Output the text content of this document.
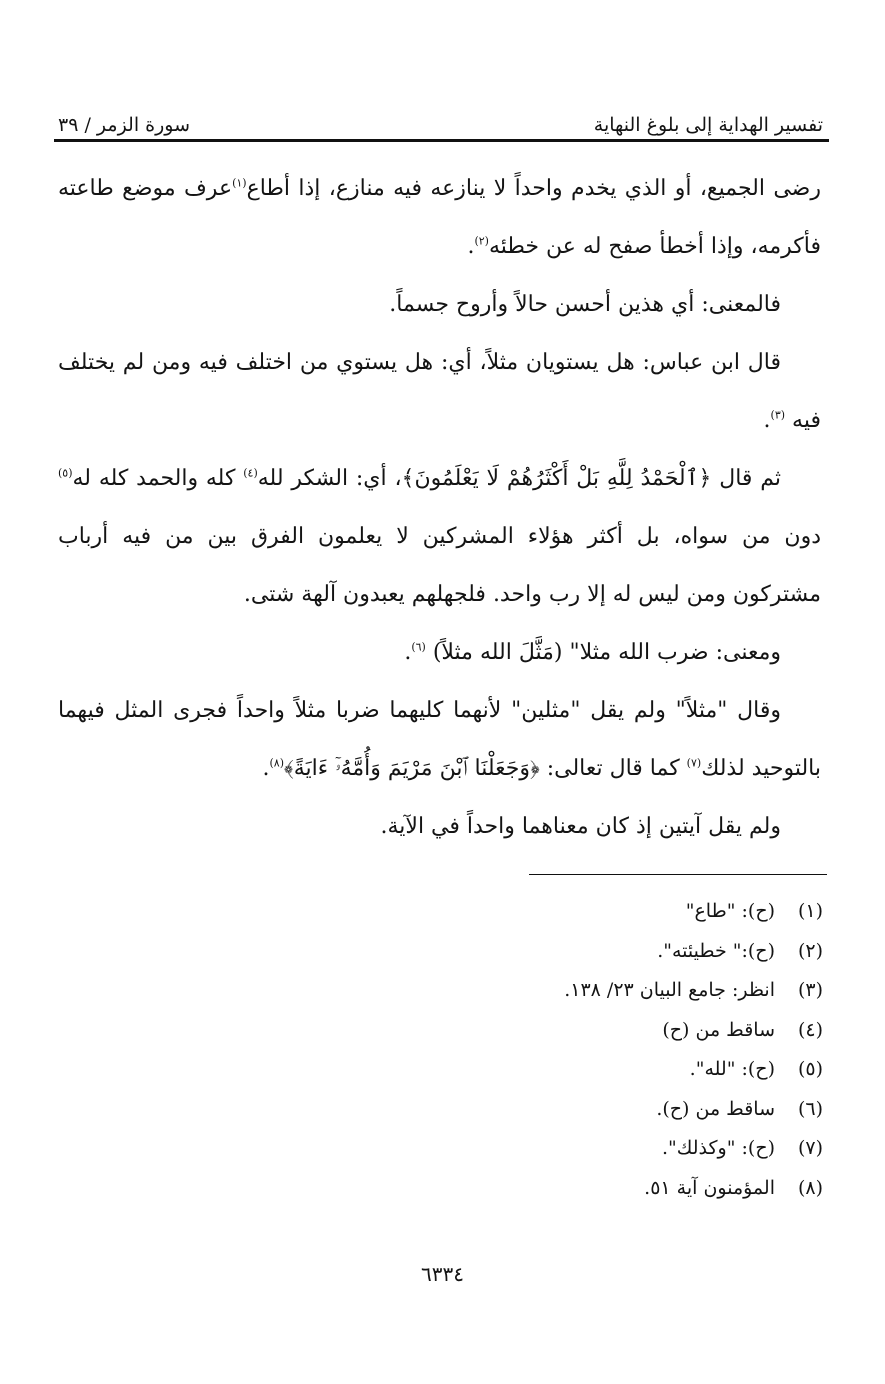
تفسير الهداية إلى بلوغ النهاية
سورة الزمر / ٣٩

رضى الجميع، أو الذي يخدم واحداً لا ينازعه فيه منازع، إذا أطاع$^{(١)}$عرف موضع طاعته فأكرمه، وإذا أخطأ صفح له عن خطئه$^{(٢)}$.

فالمعنى: أي هذين أحسن حالاً وأروح جسماً.

قال ابن عباس: هل يستويان مثلاً، أي: هل يستوي من اختلف فيه ومن لم يختلف فيه $^{(٣)}$.

ثم قال ﴿ٱلْحَمْدُ لِلَّهِ بَلْ أَكْثَرُهُمْ لَا يَعْلَمُونَ﴾، أي: الشكر لله$^{(٤)}$ كله والحمد كله له$^{(٥)}$ دون من سواه، بل أكثر هؤلاء المشركين لا يعلمون الفرق بين من فيه أرباب مشتركون ومن ليس له إلا رب واحد. فلجهلهم يعبدون آلهة شتى.

ومعنى: ضرب الله مثلا" (مَثَّلَ الله مثلاً) $^{(٦)}$.

وقال "مثلاً" ولم يقل "مثلين" لأنهما كليهما ضربا مثلاً واحداً فجرى المثل فيهما بالتوحيد لذلك$^{(٧)}$ كما قال تعالى: ﴿وَجَعَلْنَا ٱبْنَ مَرْيَمَ وَأُمَّهُۥٓ ءَايَةً﴾$^{(٨)}$.

ولم يقل آيتين إذ كان معناهما واحداً في الآية.

(١)
(ح): "طاع"
(٢)
(ح):" خطيئته".
(٣)
انظر: جامع البيان ٢٣/ ١٣٨.
(٤)
ساقط من (ح)
(٥)
(ح): "لله".
(٦)
ساقط من (ح).
(٧)
(ح): "وكذلك".
(٨)
المؤمنون آية ٥١.
٦٣٣٤
